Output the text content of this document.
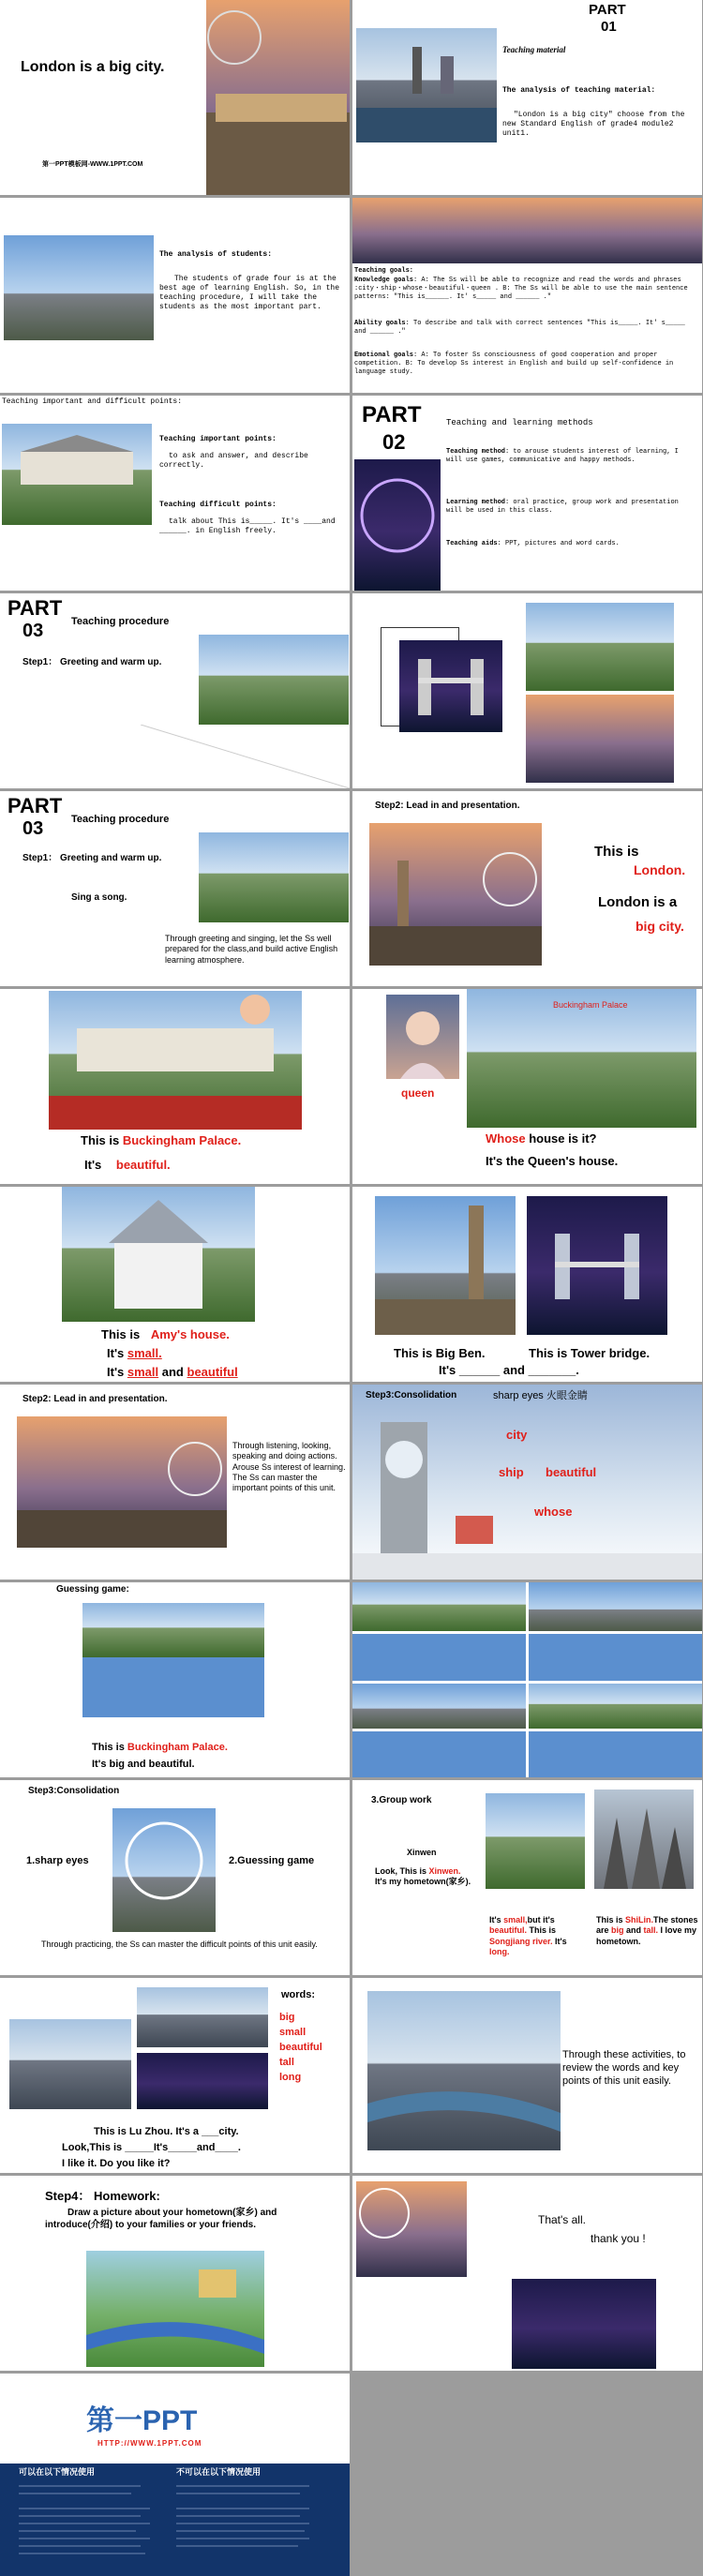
London is a big city.
第一PPT模板网-WWW.1PPT.COM
PART
01
Teaching material
The analysis of teaching material:
"London is a big city" choose from the new Standard English of grade4 module2 unit1.
The analysis of students:
The students of grade four is at the best age of learning English. So, in the teaching procedure, I will take the students as the most important part.
Teaching goals:
Knowledge goals: A: The Ss will be able to recognize and read the words and phrases :city・ship・whose・beautiful・queen . B: The Ss will be able to use the main sentence patterns: "This is______. It' s_____ and ______ ."
Ability goals: To describe and talk with correct sentences "This is_____. It' s_____ and ______ ."
Emotional goals: A: To foster Ss consciousness of good cooperation and proper competition. B: To develop Ss interest in English and build up self-confidence in language study.
Teaching important and difficult points:
Teaching important points:
to ask and answer, and describe correctly.
Teaching difficult points:
talk about This is_____. It's ____and ______. in English freely.
PART
02
Teaching and learning methods
Teaching method: to arouse students interest of learning, I will use games, communicative and happy methods.
Learning method: oral practice, group work and presentation will be used in this class.
Teaching aids: PPT, pictures and word cards.
PART
03	Teaching procedure
Step1： Greeting and warm up.
PART
03	Teaching procedure
Step1： Greeting and warm up.
Sing a song.
Through greeting and singing, let the Ss well prepared for the class,and build active English learning atmosphere.
Step2: Lead in and presentation.
This is
London.
London is a
big city.
This is Buckingham Palace.
It's beautiful.
Buckingham Palace
queen
Whose house is it?
It's the Queen's house.
This is Amy's house.
It's small.
It's small and beautiful
This is Big Ben.
It's ______ and _______.
This is Tower bridge.
Step2: Lead in and presentation.
Through listening, looking, speaking and doing actions. Arouse Ss interest of learning. The Ss can master the important points of this unit.
Step3:Consolidation	sharp eyes 火眼金睛
city
ship beautiful
whose
Guessing game:
This is Buckingham Palace.
It's big and beautiful.
Step3:Consolidation
1.sharp eyes	2.Guessing game
Through practicing, the Ss can master the difficult points of this unit easily.
3.Group work
Xinwen
Look, This is Xinwen.
It's my hometown(家乡).
It's small,but it's beautiful. This is Songjiang river. It's long.
This is ShiLin.The stones are big and tall. I love my hometown.
words:
big
small
beautiful
tall
long
This is Lu Zhou. It's a ___city.
Look,This is _____It's_____and____.
I like it. Do you like it?
Through these activities, to review the words and key points of this unit easily.
Step4： Homework:
Draw a picture about your hometown(家乡) and introduce(介绍) to your families or your friends.	That's all.
thank you !
第一PPT
HTTP://WWW.1PPT.COM
可以在以下情况使用	不可以在以下情况使用
